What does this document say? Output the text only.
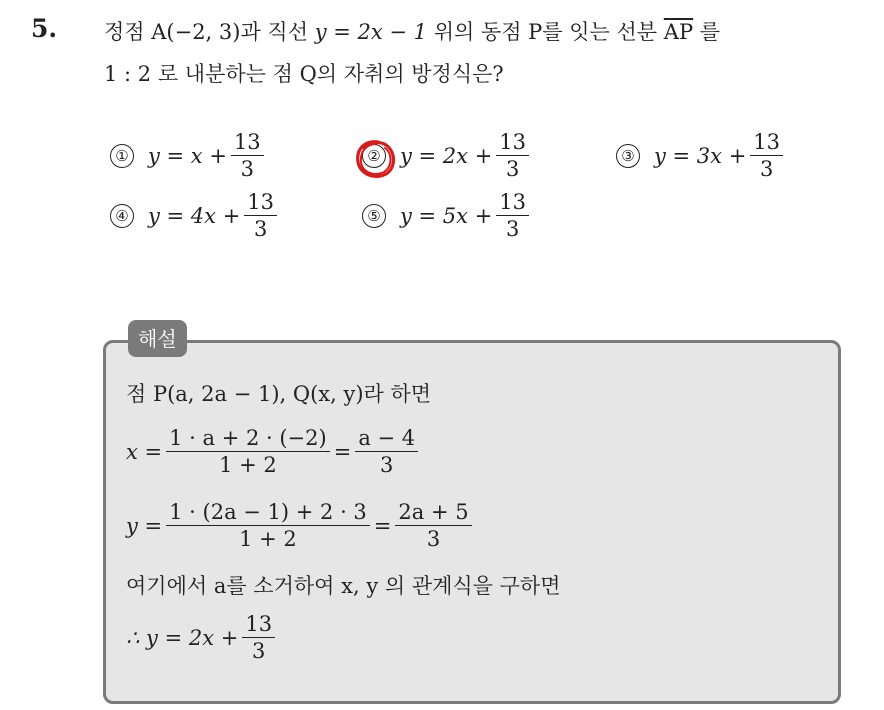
5. 정점 A(−2, 3)과 직선 y = 2x − 1 위의 동점 P를 잇는 선분 $\overline{AP}$ 를
1 : 2 로 내분하는 점 Q의 자취의 방정식은?
① $y = x + \frac{13}{3}$	② $y = 2x + \frac{13}{3}$	③ $y = 3x + \frac{13}{3}$
④ $y = 4x + \frac{13}{3}$	⑤ $y = 5x + \frac{13}{3}$
해설
점 P(a, 2a − 1), Q(x, y)라 하면
$x = \frac{1 \cdot a + 2 \cdot (-2)}{1 + 2} = \frac{a - 4}{3}$
$y = \frac{1 \cdot (2a - 1) + 2 \cdot 3}{1 + 2} = \frac{2a + 5}{3}$
여기에서 a를 소거하여 x, y 의 관계식을 구하면
∴ $y = 2x + \frac{13}{3}$
